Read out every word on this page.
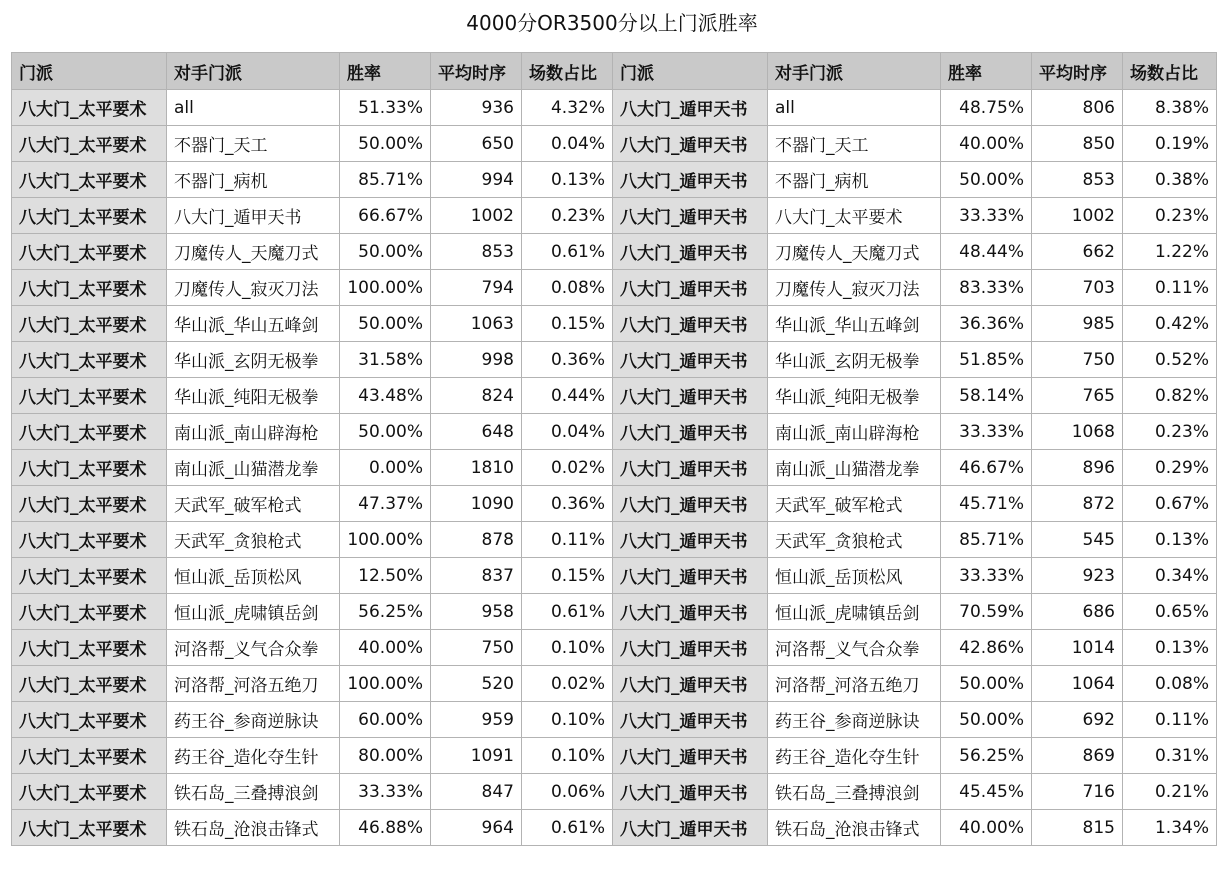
4000分OR3500分以上门派胜率
门派	对手门派	胜率	平均时序	场数占比	门派	对手门派	胜率	平均时序	场数占比
八大门_太平要术	all	51.33%	936	4.32%	八大门_遁甲天书	all	48.75%	806	8.38%
八大门_太平要术	不器门_天工	50.00%	650	0.04%	八大门_遁甲天书	不器门_天工	40.00%	850	0.19%
八大门_太平要术	不器门_病机	85.71%	994	0.13%	八大门_遁甲天书	不器门_病机	50.00%	853	0.38%
八大门_太平要术	八大门_遁甲天书	66.67%	1002	0.23%	八大门_遁甲天书	八大门_太平要术	33.33%	1002	0.23%
八大门_太平要术	刀魔传人_天魔刀式	50.00%	853	0.61%	八大门_遁甲天书	刀魔传人_天魔刀式	48.44%	662	1.22%
八大门_太平要术	刀魔传人_寂灭刀法	100.00%	794	0.08%	八大门_遁甲天书	刀魔传人_寂灭刀法	83.33%	703	0.11%
八大门_太平要术	华山派_华山五峰剑	50.00%	1063	0.15%	八大门_遁甲天书	华山派_华山五峰剑	36.36%	985	0.42%
八大门_太平要术	华山派_玄阴无极拳	31.58%	998	0.36%	八大门_遁甲天书	华山派_玄阴无极拳	51.85%	750	0.52%
八大门_太平要术	华山派_纯阳无极拳	43.48%	824	0.44%	八大门_遁甲天书	华山派_纯阳无极拳	58.14%	765	0.82%
八大门_太平要术	南山派_南山辟海枪	50.00%	648	0.04%	八大门_遁甲天书	南山派_南山辟海枪	33.33%	1068	0.23%
八大门_太平要术	南山派_山猫潜龙拳	0.00%	1810	0.02%	八大门_遁甲天书	南山派_山猫潜龙拳	46.67%	896	0.29%
八大门_太平要术	天武军_破军枪式	47.37%	1090	0.36%	八大门_遁甲天书	天武军_破军枪式	45.71%	872	0.67%
八大门_太平要术	天武军_贪狼枪式	100.00%	878	0.11%	八大门_遁甲天书	天武军_贪狼枪式	85.71%	545	0.13%
八大门_太平要术	恒山派_岳顶松风	12.50%	837	0.15%	八大门_遁甲天书	恒山派_岳顶松风	33.33%	923	0.34%
八大门_太平要术	恒山派_虎啸镇岳剑	56.25%	958	0.61%	八大门_遁甲天书	恒山派_虎啸镇岳剑	70.59%	686	0.65%
八大门_太平要术	河洛帮_义气合众拳	40.00%	750	0.10%	八大门_遁甲天书	河洛帮_义气合众拳	42.86%	1014	0.13%
八大门_太平要术	河洛帮_河洛五绝刀	100.00%	520	0.02%	八大门_遁甲天书	河洛帮_河洛五绝刀	50.00%	1064	0.08%
八大门_太平要术	药王谷_参商逆脉诀	60.00%	959	0.10%	八大门_遁甲天书	药王谷_参商逆脉诀	50.00%	692	0.11%
八大门_太平要术	药王谷_造化夺生针	80.00%	1091	0.10%	八大门_遁甲天书	药王谷_造化夺生针	56.25%	869	0.31%
八大门_太平要术	铁石岛_三叠搏浪剑	33.33%	847	0.06%	八大门_遁甲天书	铁石岛_三叠搏浪剑	45.45%	716	0.21%
八大门_太平要术	铁石岛_沧浪击锋式	46.88%	964	0.61%	八大门_遁甲天书	铁石岛_沧浪击锋式	40.00%	815	1.34%
